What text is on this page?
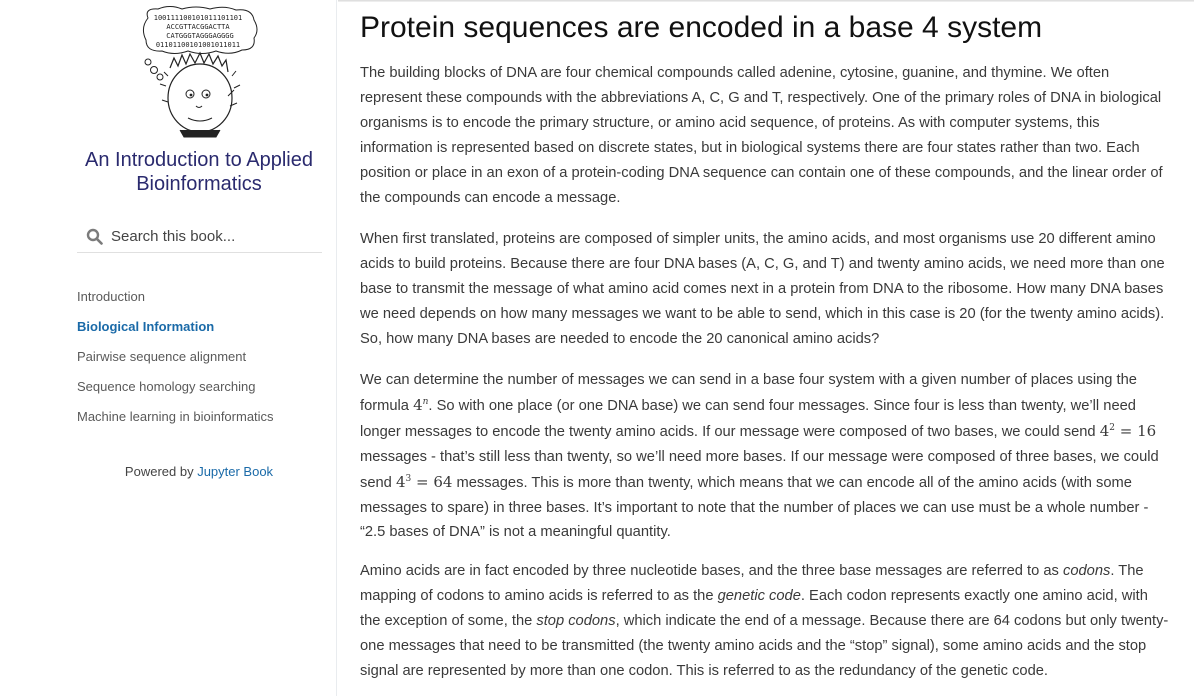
100111100101011101101
ACCGTTACGGACTTA
CATGGGTAGGGAGGGG
01101100101001011011
An Introduction to Applied Bioinformatics
Search this book...
Introduction
Biological Information
Pairwise sequence alignment
Sequence homology searching
Machine learning in bioinformatics
Powered by Jupyter Book
Protein sequences are encoded in a base 4 system

The building blocks of DNA are four chemical compounds called adenine, cytosine, guanine, and thymine. We often represent these compounds with the abbreviations A, C, G and T, respectively. One of the primary roles of DNA in biological organisms is to encode the primary structure, or amino acid sequence, of proteins. As with computer systems, this information is represented based on discrete states, but in biological systems there are four states rather than two. Each position or place in an exon of a protein-coding DNA sequence can contain one of these compounds, and the linear order of the compounds can encode a message.

When first translated, proteins are composed of simpler units, the amino acids, and most organisms use 20 different amino acids to build proteins. Because there are four DNA bases (A, C, G, and T) and twenty amino acids, we need more than one base to transmit the message of what amino acid comes next in a protein from DNA to the ribosome. How many DNA bases we need depends on how many messages we want to be able to send, which in this case is 20 (for the twenty amino acids). So, how many DNA bases are needed to encode the 20 canonical amino acids?

We can determine the number of messages we can send in a base four system with a given number of places using the formula 4$^n$. So with one place (or one DNA base) we can send four messages. Since four is less than twenty, we’ll need longer messages to encode the twenty amino acids. If our message were composed of two bases, we could send $4^2 = 16$ messages - that’s still less than twenty, so we’ll need more bases. If our message were composed of three bases, we could send $4^3 = 64$ messages. This is more than twenty, which means that we can encode all of the amino acids (with some messages to spare) in three bases. It’s important to note that the number of places we can use must be a whole number - “2.5 bases of DNA” is not a meaningful quantity.

Amino acids are in fact encoded by three nucleotide bases, and the three base messages are referred to as codons. The mapping of codons to amino acids is referred to as the genetic code. Each codon represents exactly one amino acid, with the exception of some, the stop codons, which indicate the end of a message. Because there are 64 codons but only twenty-one messages that need to be transmitted (the twenty amino acids and the “stop” signal), some amino acids and the stop signal are represented by more than one codon. This is referred to as the redundancy of the genetic code.
